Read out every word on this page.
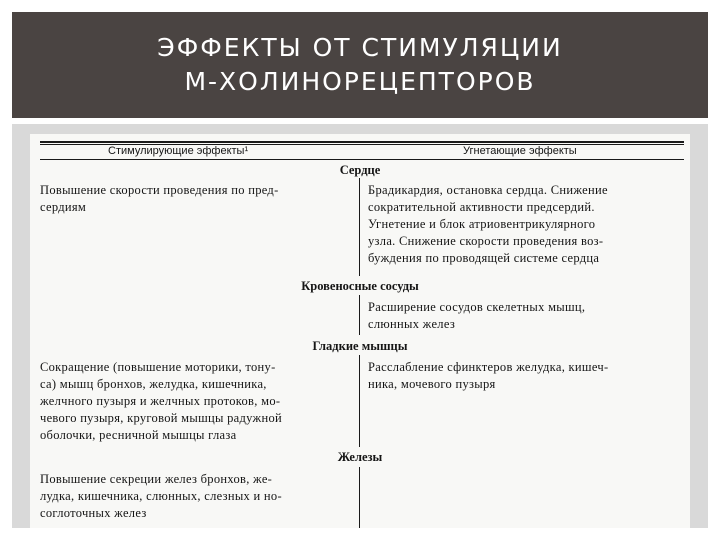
ЭФФЕКТЫ ОТ СТИМУЛЯЦИИ
М-ХОЛИНОРЕЦЕПТОРОВ
Стимулирующие эффекты¹	Угнетающие эффекты
Сердце
Повышение скорости проведения по пред-
сердиям
Брадикардия, остановка сердца. Снижение
сократительной активности предсердий.
Угнетение и блок атриовентрикулярного
узла. Снижение скорости проведения воз-
буждения по проводящей системе сердца
Кровеносные сосуды
Расширение сосудов скелетных мышц,
слюнных желез
Гладкие мышцы
Сокращение (повышение моторики, тону-
са) мышц бронхов, желудка, кишечника,
желчного пузыря и желчных протоков, мо-
чевого пузыря, круговой мышцы радужной
оболочки, ресничной мышцы глаза
Расслабление сфинктеров желудка, кишеч-
ника, мочевого пузыря
Железы
Повышение секреции желез бронхов, же-
лудка, кишечника, слюнных, слезных и но-
соглоточных желез
